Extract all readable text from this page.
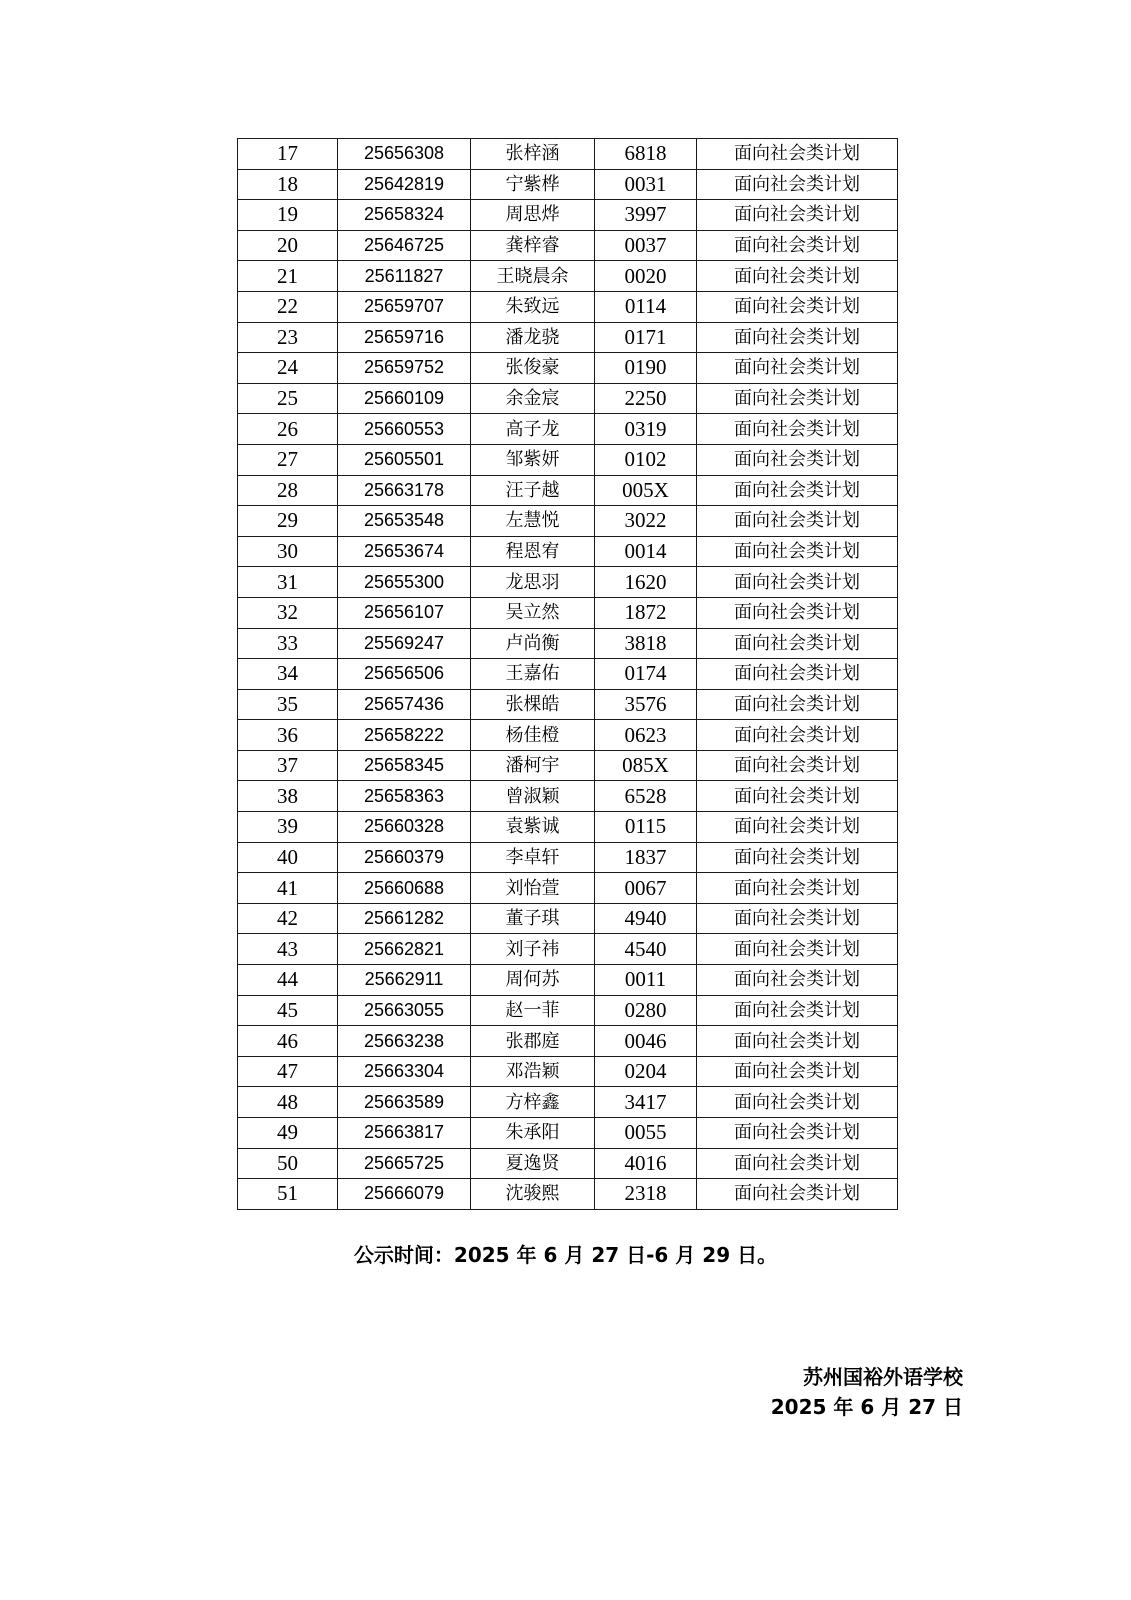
17	25656308	张梓涵	6818	面向社会类计划
18	25642819	宁紫桦	0031	面向社会类计划
19	25658324	周思烨	3997	面向社会类计划
20	25646725	龚梓睿	0037	面向社会类计划
21	25611827	王晓晨余	0020	面向社会类计划
22	25659707	朱致远	0114	面向社会类计划
23	25659716	潘龙骁	0171	面向社会类计划
24	25659752	张俊豪	0190	面向社会类计划
25	25660109	余金宸	2250	面向社会类计划
26	25660553	高子龙	0319	面向社会类计划
27	25605501	邹紫妍	0102	面向社会类计划
28	25663178	汪子越	005X	面向社会类计划
29	25653548	左慧悦	3022	面向社会类计划
30	25653674	程恩宥	0014	面向社会类计划
31	25655300	龙思羽	1620	面向社会类计划
32	25656107	吴立然	1872	面向社会类计划
33	25569247	卢尚衡	3818	面向社会类计划
34	25656506	王嘉佑	0174	面向社会类计划
35	25657436	张棵皓	3576	面向社会类计划
36	25658222	杨佳橙	0623	面向社会类计划
37	25658345	潘柯宇	085X	面向社会类计划
38	25658363	曾淑颖	6528	面向社会类计划
39	25660328	袁紫诚	0115	面向社会类计划
40	25660379	李卓轩	1837	面向社会类计划
41	25660688	刘怡萱	0067	面向社会类计划
42	25661282	董子琪	4940	面向社会类计划
43	25662821	刘子祎	4540	面向社会类计划
44	25662911	周何苏	0011	面向社会类计划
45	25663055	赵一菲	0280	面向社会类计划
46	25663238	张郡庭	0046	面向社会类计划
47	25663304	邓浩颖	0204	面向社会类计划
48	25663589	方梓鑫	3417	面向社会类计划
49	25663817	朱承阳	0055	面向社会类计划
50	25665725	夏逸贤	4016	面向社会类计划
51	25666079	沈骏熙	2318	面向社会类计划
公示时间：2025 年 6 月 27 日-6 月 29 日。
苏州国裕外语学校
2025 年 6 月 27 日
